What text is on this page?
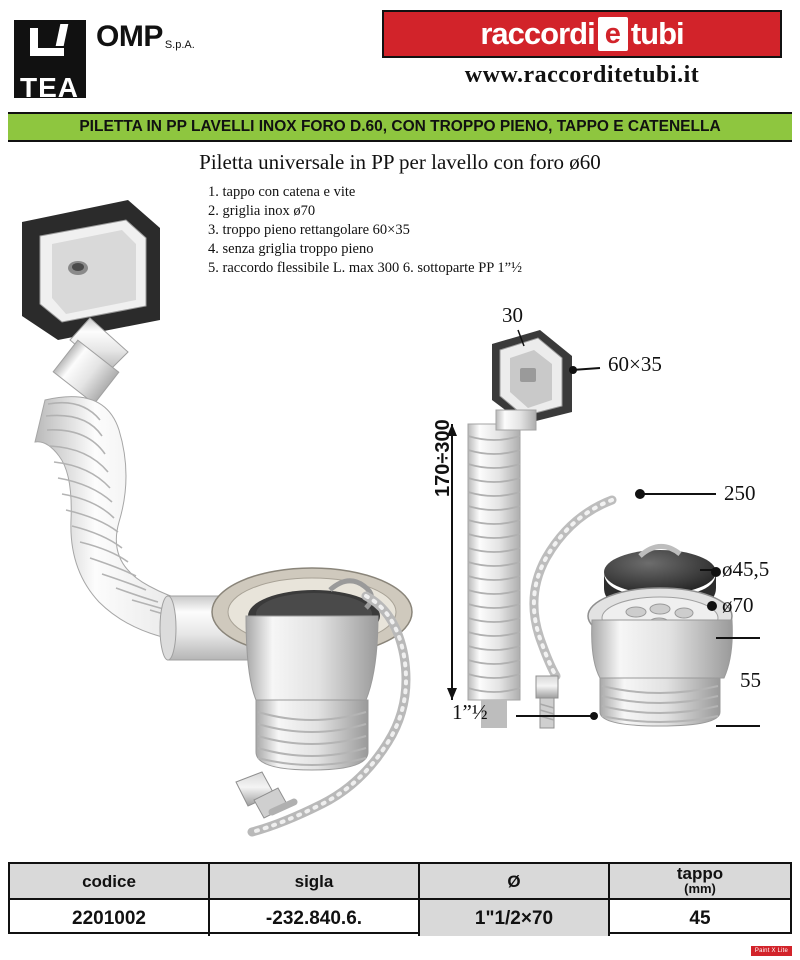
TEA
OMP S.p.A.	raccordi e tubi
www.raccorditetubi.it
PILETTA IN PP LAVELLI INOX FORO D.60, CON TROPPO PIENO, TAPPO E CATENELLA
Piletta universale in PP per lavello con foro ø60
1. tappo con catena e vite
2. griglia inox ø70
3. troppo pieno rettangolare 60×35
4. senza griglia troppo pieno
5. raccordo flessibile L. max 300 6. sottoparte PP 1”½
30
60×35
170÷300	250
ø45,5
ø70
55
1”½
codice	sigla	Ø	tappo
(mm)
2201002	-232.840.6.	1"1/2×70	45
Paint X Lite
